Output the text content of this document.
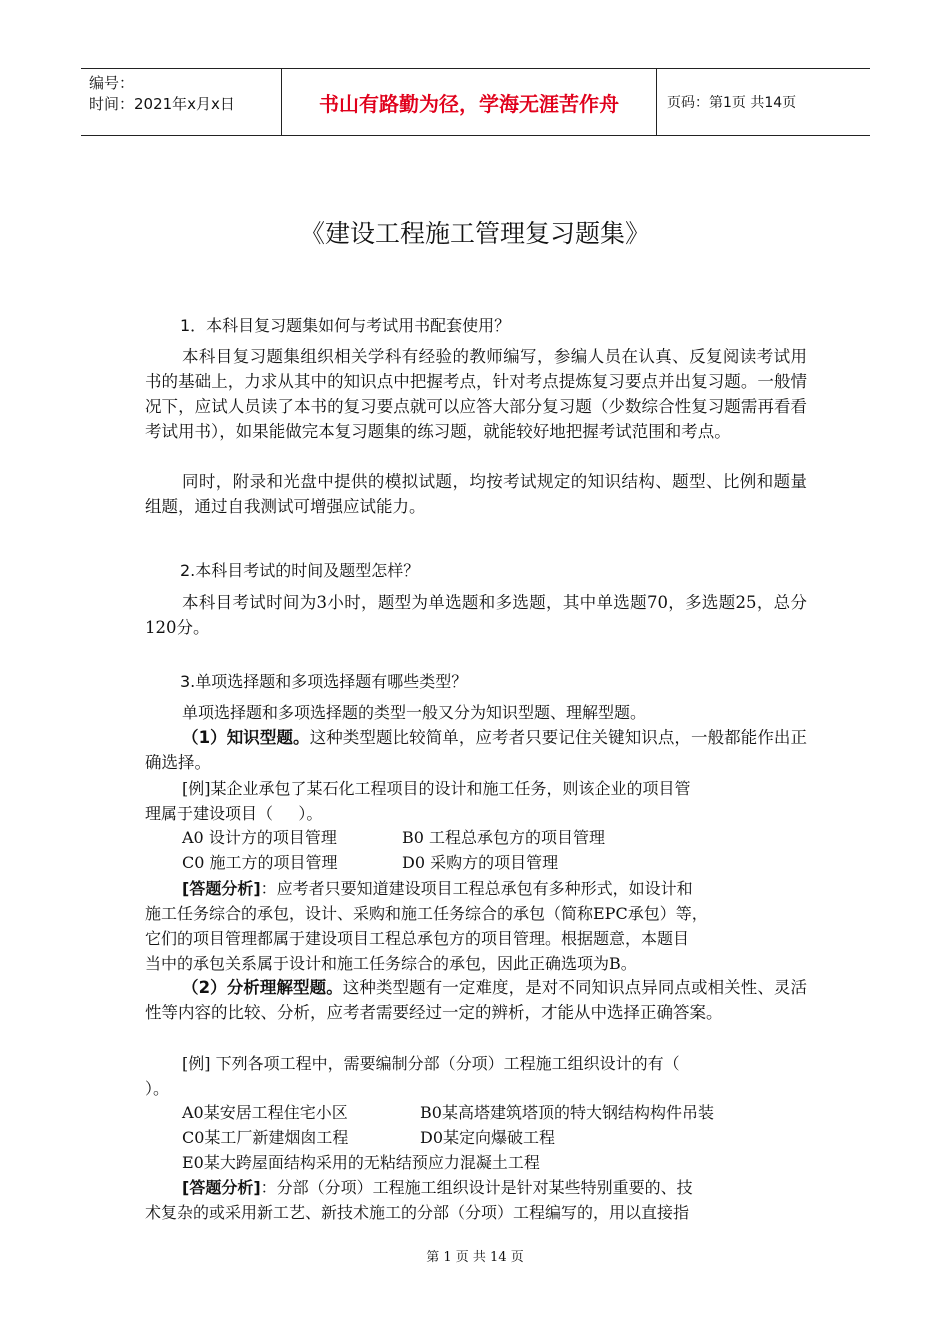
编号：
时间：2021年x月x日	书山有路勤为径，学海无涯苦作舟	页码：第1页 共14页
《建设工程施工管理复习题集》
1．本科目复习题集如何与考试用书配套使用？
本科目复习题集组织相关学科有经验的教师编写，参编人员在认真、反复阅读考试用书的基础上，力求从其中的知识点中把握考点，针对考点提炼复习要点并出复习题。一般情况下，应试人员读了本书的复习要点就可以应答大部分复习题（少数综合性复习题需再看看考试用书），如果能做完本复习题集的练习题，就能较好地把握考试范围和考点。
同时，附录和光盘中提供的模拟试题，均按考试规定的知识结构、题型、比例和题量组题，通过自我测试可增强应试能力。
2.本科目考试的时间及题型怎样？
本科目考试时间为3小时，题型为单选题和多选题，其中单选题70，多选题25，总分120分。
3.单项选择题和多项选择题有哪些类型？
单项选择题和多项选择题的类型一般又分为知识型题、理解型题。
（1）知识型题。这种类型题比较简单，应考者只要记住关键知识点，一般都能作出正确选择。
[例]某企业承包了某石化工程项目的设计和施工任务，则该企业的项目管
理属于建设项目（     ）。
A0 设计方的项目管理	B0 工程总承包方的项目管理
C0 施工方的项目管理	D0 采购方的项目管理
[答题分析]：应考者只要知道建设项目工程总承包有多种形式，如设计和
施工任务综合的承包，设计、采购和施工任务综合的承包（简称EPC承包）等，
它们的项目管理都属于建设项目工程总承包方的项目管理。根据题意，本题目
当中的承包关系属于设计和施工任务综合的承包，因此正确选项为B。
（2）分析理解型题。这种类型题有一定难度，是对不同知识点异同点或相关性、灵活性等内容的比较、分析，应考者需要经过一定的辨析，才能从中选择正确答案。
[例] 下列各项工程中，需要编制分部（分项）工程施工组织设计的有（
）。
A0某安居工程住宅小区	B0某高塔建筑塔顶的特大钢结构构件吊装
C0某工厂新建烟囱工程	D0某定向爆破工程
E0某大跨屋面结构采用的无粘结预应力混凝土工程
[答题分析]：分部（分项）工程施工组织设计是针对某些特别重要的、技
术复杂的或采用新工艺、新技术施工的分部（分项）工程编写的，用以直接指
第 1 页 共 14 页
